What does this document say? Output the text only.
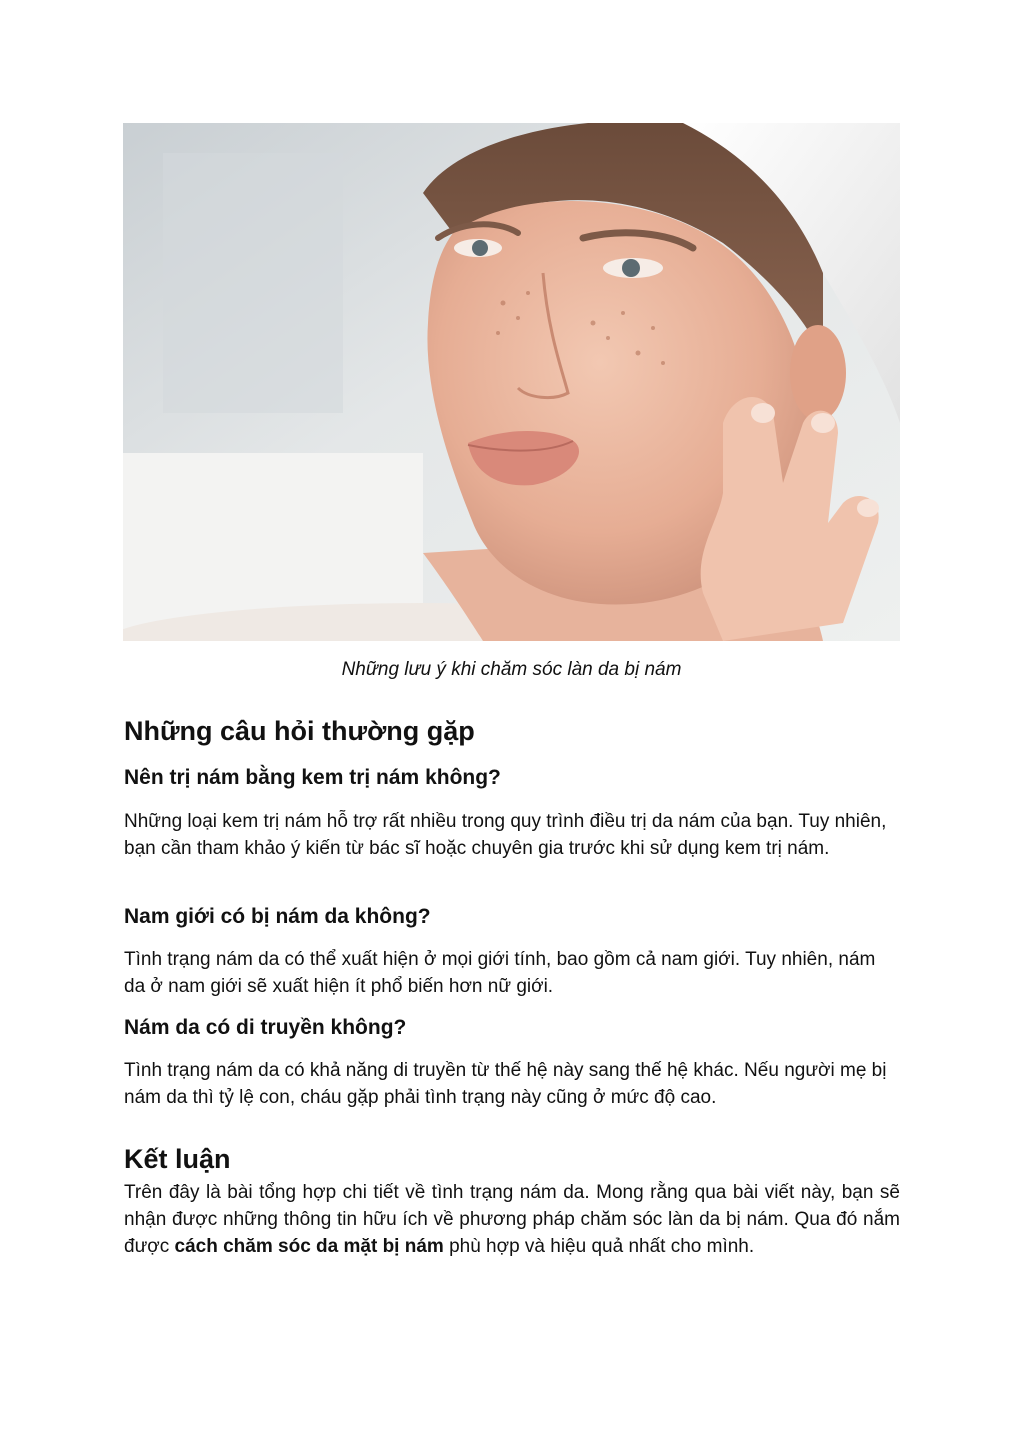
Những lưu ý khi chăm sóc làn da bị nám
Những câu hỏi thường gặp
Nên trị nám bằng kem trị nám không?

Những loại kem trị nám hỗ trợ rất nhiều trong quy trình điều trị da nám của bạn. Tuy nhiên, bạn cần tham khảo ý kiến từ bác sĩ hoặc chuyên gia trước khi sử dụng kem trị nám.

Nam giới có bị nám da không?

Tình trạng nám da có thể xuất hiện ở mọi giới tính, bao gồm cả nam giới. Tuy nhiên, nám da ở nam giới sẽ xuất hiện ít phổ biến hơn nữ giới.

Nám da có di truyền không?

Tình trạng nám da có khả năng di truyền từ thế hệ này sang thế hệ khác. Nếu người mẹ bị nám da thì tỷ lệ con, cháu gặp phải tình trạng này cũng ở mức độ cao.

Kết luận

Trên đây là bài tổng hợp chi tiết về tình trạng nám da. Mong rằng qua bài viết này, bạn sẽ nhận được những thông tin hữu ích về phương pháp chăm sóc làn da bị nám. Qua đó nắm được cách chăm sóc da mặt bị nám phù hợp và hiệu quả nhất cho mình.
